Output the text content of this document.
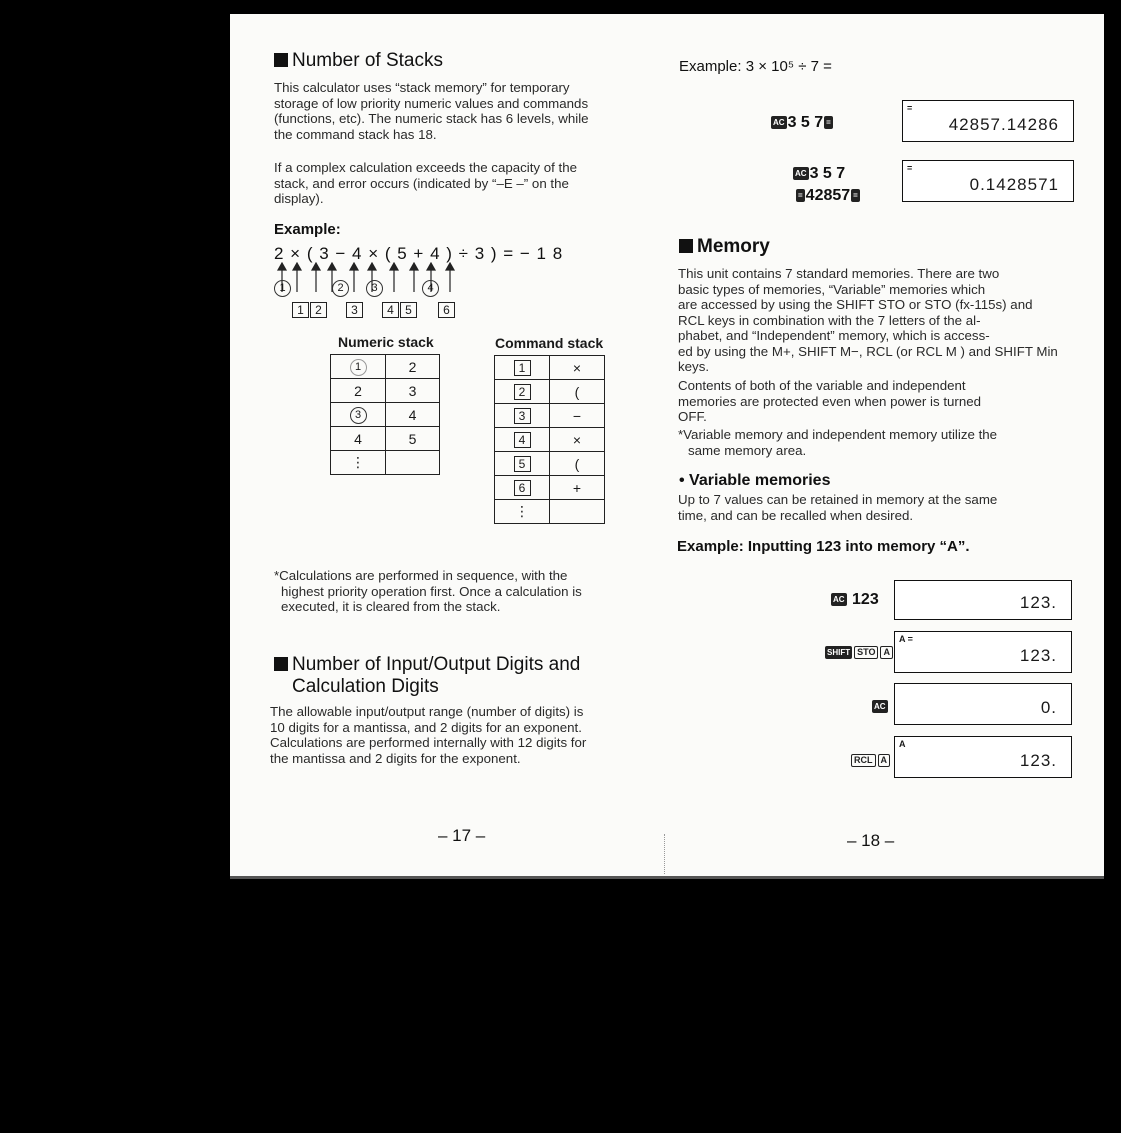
Number of Stacks
This calculator uses “stack memory” for temporary
storage of low priority numeric values and commands
(functions, etc). The numeric stack has 6 levels, while
the command stack has 18.
If a complex calculation exceeds the capacity of the
stack, and error occurs (indicated by “–E –” on the
display).
Example:
2 × ( 3 − 4 × ( 5 + 4 ) ÷ 3 ) = − 1 8
1	2	3	4
1 2	3	4 5	6
Numeric stack	Command stack
1	2
2	3
3	4
4	5
⋮	
1	×
2	(
3	−
4	×
5	(
6	+
⋮	
*Calculations are performed in sequence, with the
highest priority operation first. Once a calculation is
executed, it is cleared from the stack.
Number of Input/Output Digits and
Calculation Digits
The allowable input/output range (number of digits) is
10 digits for a mantissa, and 2 digits for an exponent.
Calculations are performed internally with 12 digits for
the mantissa and 2 digits for the exponent.
– 17 –
Example: 3 × 10⁵ ÷ 7 =
AC 3 5 7 =
=
42857.14286
AC 3 5 7
= 42857 =
=
0.1428571
Memory
This unit contains 7 standard memories. There are two
basic types of memories, “Variable” memories which
are accessed by using the SHIFT STO or STO (fx-115s) and
RCL keys in combination with the 7 letters of the al-
phabet, and “Independent” memory, which is access-
ed by using the M+, SHIFT M−, RCL (or RCL M ) and SHIFT Min
keys.
Contents of both of the variable and independent
memories are protected even when power is turned
OFF.
*Variable memory and independent memory utilize the
same memory area.
• Variable memories
Up to 7 values can be retained in memory at the same
time, and can be recalled when desired.
Example: Inputting 123 into memory “A”.
AC 123	123.
SHIFT STO A
A =
123.
AC	0.
RCL A
A
123.
– 18 –
